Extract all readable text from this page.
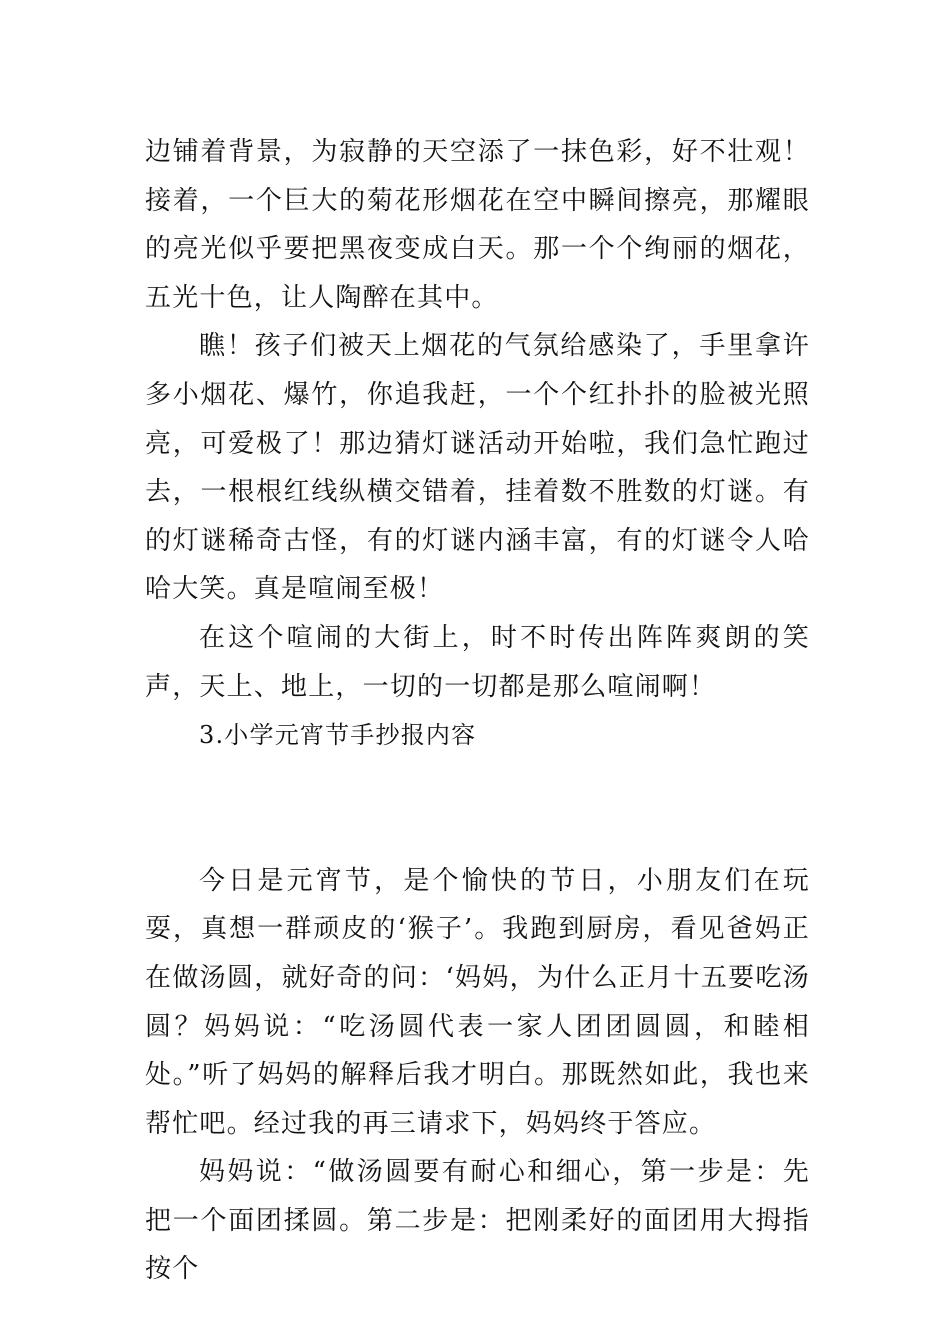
边铺着背景，为寂静的天空添了一抹色彩，好不壮观！接着，一个巨大的菊花形烟花在空中瞬间擦亮，那耀眼的亮光似乎要把黑夜变成白天。那一个个绚丽的烟花，五光十色，让人陶醉在其中。

瞧！孩子们被天上烟花的气氛给感染了，手里拿许多小烟花、爆竹，你追我赶，一个个红扑扑的脸被光照亮，可爱极了！那边猜灯谜活动开始啦，我们急忙跑过去，一根根红线纵横交错着，挂着数不胜数的灯谜。有的灯谜稀奇古怪，有的灯谜内涵丰富，有的灯谜令人哈哈大笑。真是喧闹至极！

在这个喧闹的大街上，时不时传出阵阵爽朗的笑声，天上、地上，一切的一切都是那么喧闹啊！

3.小学元宵节手抄报内容

今日是元宵节，是个愉快的节日，小朋友们在玩耍，真想一群顽皮的‘猴子’。我跑到厨房，看见爸妈正在做汤圆，就好奇的问：‘妈妈，为什么正月十五要吃汤圆？妈妈说：“吃汤圆代表一家人团团圆圆，和睦相处。”听了妈妈的解释后我才明白。那既然如此，我也来帮忙吧。经过我的再三请求下，妈妈终于答应。

妈妈说：“做汤圆要有耐心和细心，第一步是：先把一个面团揉圆。第二步是：把刚柔好的面团用大拇指按个
